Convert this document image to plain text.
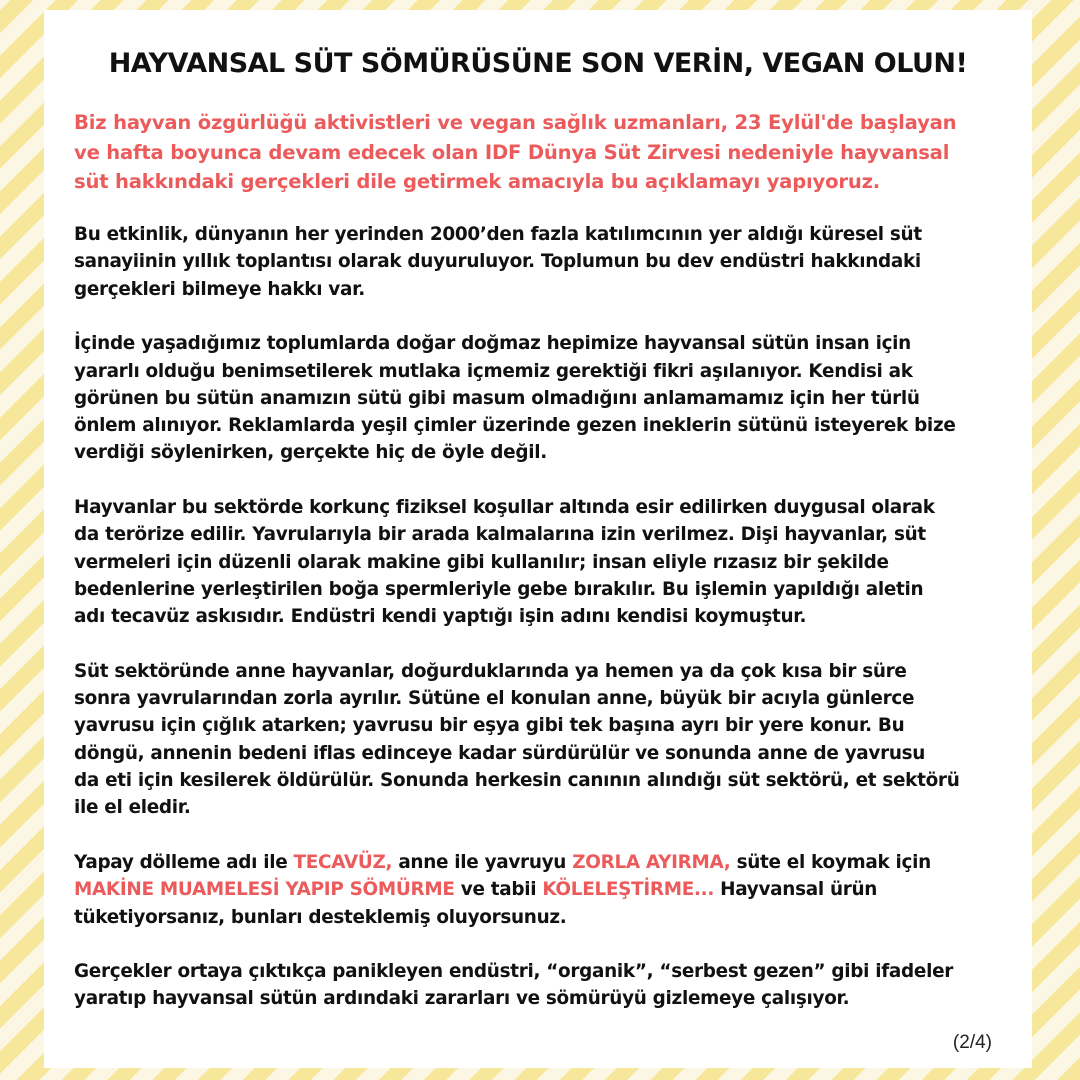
HAYVANSAL SÜT SÖMÜRÜSÜNE SON VERİN, VEGAN OLUN!

Biz hayvan özgürlüğü aktivistleri ve vegan sağlık uzmanları, 23 Eylül'de başlayan
ve hafta boyunca devam edecek olan IDF Dünya Süt Zirvesi nedeniyle hayvansal
süt hakkındaki gerçekleri dile getirmek amacıyla bu açıklamayı yapıyoruz.

Bu etkinlik, dünyanın her yerinden 2000’den fazla katılımcının yer aldığı küresel süt
sanayiinin yıllık toplantısı olarak duyuruluyor. Toplumun bu dev endüstri hakkındaki
gerçekleri bilmeye hakkı var.

İçinde yaşadığımız toplumlarda doğar doğmaz hepimize hayvansal sütün insan için
yararlı olduğu benimsetilerek mutlaka içmemiz gerektiği fikri aşılanıyor. Kendisi ak
görünen bu sütün anamızın sütü gibi masum olmadığını anlamamamız için her türlü
önlem alınıyor. Reklamlarda yeşil çimler üzerinde gezen ineklerin sütünü isteyerek bize
verdiği söylenirken, gerçekte hiç de öyle değil.

Hayvanlar bu sektörde korkunç fiziksel koşullar altında esir edilirken duygusal olarak
da terörize edilir. Yavrularıyla bir arada kalmalarına izin verilmez. Dişi hayvanlar, süt
vermeleri için düzenli olarak makine gibi kullanılır; insan eliyle rızasız bir şekilde
bedenlerine yerleştirilen boğa spermleriyle gebe bırakılır. Bu işlemin yapıldığı aletin
adı tecavüz askısıdır. Endüstri kendi yaptığı işin adını kendisi koymuştur.

Süt sektöründe anne hayvanlar, doğurduklarında ya hemen ya da çok kısa bir süre
sonra yavrularından zorla ayrılır. Sütüne el konulan anne, büyük bir acıyla günlerce
yavrusu için çığlık atarken; yavrusu bir eşya gibi tek başına ayrı bir yere konur. Bu
döngü, annenin bedeni iflas edinceye kadar sürdürülür ve sonunda anne de yavrusu
da eti için kesilerek öldürülür. Sonunda herkesin canının alındığı süt sektörü, et sektörü
ile el eledir.

Yapay dölleme adı ile TECAVÜZ, anne ile yavruyu ZORLA AYIRMA, süte el koymak için
MAKİNE MUAMELESİ YAPIP SÖMÜRME ve tabii KÖLELEŞTİRME... Hayvansal ürün
tüketiyorsanız, bunları desteklemiş oluyorsunuz.

Gerçekler ortaya çıktıkça panikleyen endüstri, “organik”, “serbest gezen” gibi ifadeler
yaratıp hayvansal sütün ardındaki zararları ve sömürüyü gizlemeye çalışıyor.

(2/4)
